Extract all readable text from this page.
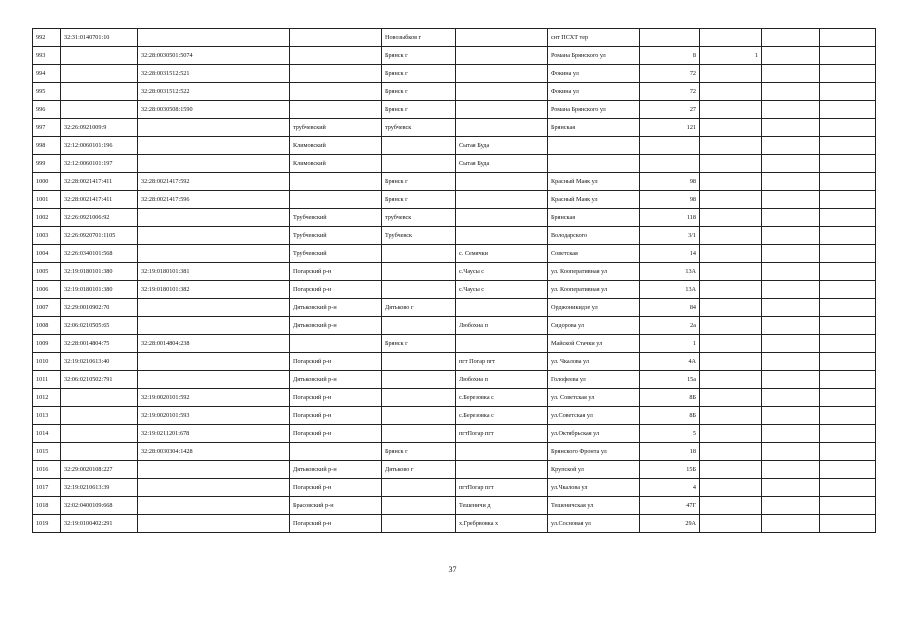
992	32:31:0140701:10			Новозыбков г		снт ПСХТ тер				
993		32:28:0030501:5074		Брянск г		Романа Брянского ул	8	1		
994		32:28:0031512:521		Брянск г		Фокина ул	72			
995		32:28:0031512:522		Брянск г		Фокина ул	72			
996		32:28:0030508:1590		Брянск г		Романа Брянского ул	27			
997	32:26:0921009:9		трубчевский	трубчевск		Брянская	121			
998	32:12:0060101:196		Климовский		Сытая Буда					
999	32:12:0060101:197		Климовский		Сытая Буда					
1000	32:28:0021417:411	32:28:0021417:592		Брянск г		Красный Маяк ул	98			
1001	32:28:0021417:411	32:28:0021417:596		Брянск г		Красный Маяк ул	98			
1002	32:26:0921006:92		Трубчевский	трубчевск		Брянская	118			
1003	32:26:0920701:1105		Трубчевский	Трубчевск		Володарского	3/1			
1004	32:26:0340101:568		Трубчевский		с. Семячки	Советская	14			
1005	32:19:0180101:380	32:19:0180101:381	Погарский р-н		с.Чаусы с	ул. Кооперативная ул	13А			
1006	32:19:0180101:380	32:19:0180101:382	Погарский р-н		с.Чаусы с	ул. Кооперативная ул	13А			
1007	32:29:0010902:70		Дятьковский р-н	Дятьково г		Орджоникидзе ул	84			
1008	32:06:0210505:65		Дятьковский р-н		Любохна п	Сидорова ул	2а			
1009	32:28:0014804:75	32:28:0014804:238		Брянск г		Майской Стачки ул	1			
1010	32:19:0210613:40		Погарский р-н		пгт Погар пгт	ул. Чкалова ул	4А			
1011	32:06:0210502:791		Дятьковский р-н		Любохна п	Голофеева ул	15а			
1012		32:19:0020101:592	Погарский р-н		с.Березовка с	ул. Советская ул	8Б			
1013		32:19:0020101:593	Погарский р-н		с.Березовка с	ул.Советская ул	8Б			
1014		32:19:0211201:678	Погарский р-н		пгтПогар пгт	ул.Октябрьская ул	5			
1015		32:28:0030304:1428		Брянск г		Брянского Фронта ул	18			
1016	32:29:0020108:227		Дятьковский р-н	Дятьково г		Крупской ул	15Б			
1017	32:19:0210613:39		Погарский р-н		пгтПогар пгт	ул.Чкалова ул	4			
1018	32:02:0400109:668		Брасовский р-н		Тешеничи д	Тешеничская ул	47Г			
1019	32:19:0100402:291		Погарский р-н		х.Гребрвовка х	ул.Сосновая ул	29А			
37
